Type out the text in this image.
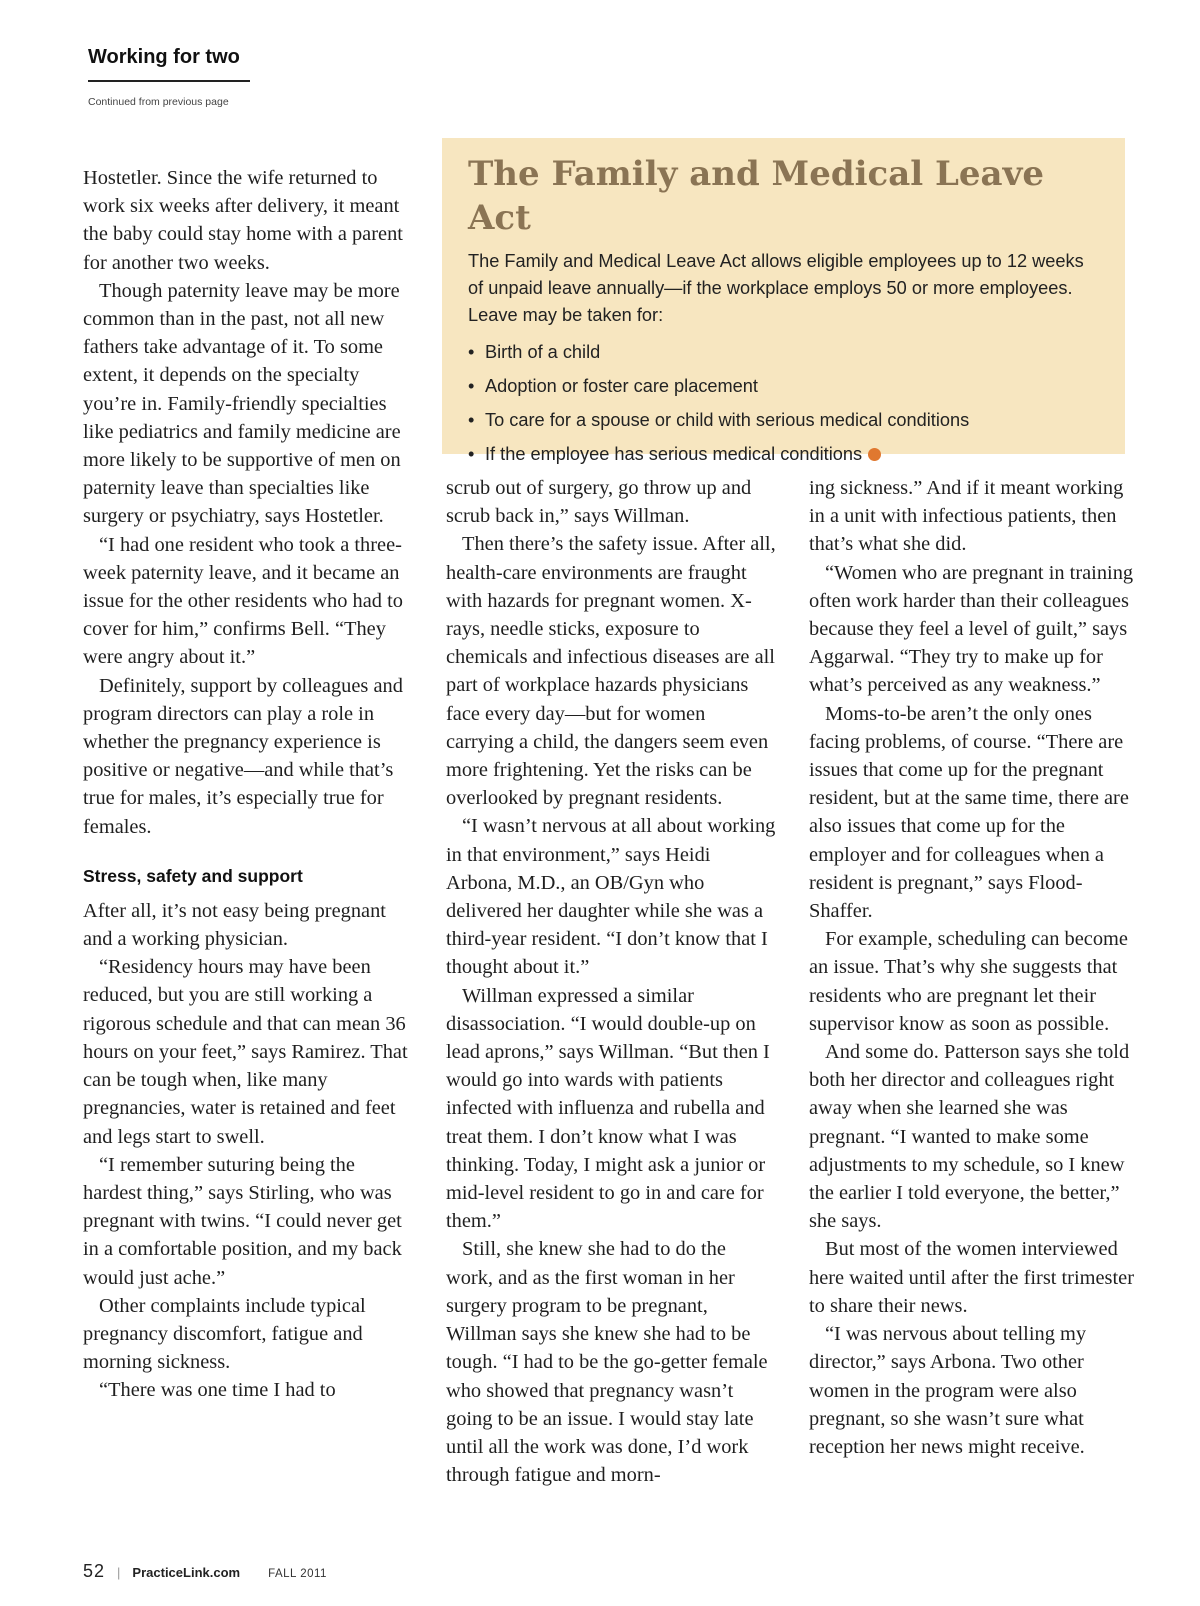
Working for two
Continued from previous page

Hostetler. Since the wife returned to work six weeks after delivery, it meant the baby could stay home with a parent for another two weeks.

Though paternity leave may be more common than in the past, not all new fathers take advantage of it. To some extent, it depends on the specialty you’re in. Family-friendly specialties like pediatrics and family medicine are more likely to be supportive of men on paternity leave than specialties like surgery or psychiatry, says Hostetler.

“I had one resident who took a three-week paternity leave, and it became an issue for the other residents who had to cover for him,” confirms Bell. “They were angry about it.”

Definitely, support by colleagues and program directors can play a role in whether the pregnancy experience is positive or negative—and while that’s true for males, it’s especially true for females.

Stress, safety and support

After all, it’s not easy being pregnant and a working physician.

“Residency hours may have been reduced, but you are still working a rigorous schedule and that can mean 36 hours on your feet,” says Ramirez. That can be tough when, like many pregnancies, water is retained and feet and legs start to swell.

“I remember suturing being the hardest thing,” says Stirling, who was pregnant with twins. “I could never get in a comfortable position, and my back would just ache.”

Other complaints include typical pregnancy discomfort, fatigue and morning sickness.

“There was one time I had to

The Family and Medical Leave Act

The Family and Medical Leave Act allows eligible employees up to 12 weeks of unpaid leave annually—if the workplace employs 50 or more employees. Leave may be taken for:

• Birth of a child
• Adoption or foster care placement
• To care for a spouse or child with serious medical conditions
• If the employee has serious medical conditions

scrub out of surgery, go throw up and scrub back in,” says Willman.

Then there’s the safety issue. After all, health-care environments are fraught with hazards for pregnant women. X-rays, needle sticks, exposure to chemicals and infectious diseases are all part of workplace hazards physicians face every day—but for women carrying a child, the dangers seem even more frightening. Yet the risks can be overlooked by pregnant residents.

“I wasn’t nervous at all about working in that environment,” says Heidi Arbona, M.D., an OB/Gyn who delivered her daughter while she was a third-year resident. “I don’t know that I thought about it.”

Willman expressed a similar disassociation. “I would double-up on lead aprons,” says Willman. “But then I would go into wards with patients infected with influenza and rubella and treat them. I don’t know what I was thinking. Today, I might ask a junior or mid-level resident to go in and care for them.”

Still, she knew she had to do the work, and as the first woman in her surgery program to be pregnant, Willman says she knew she had to be tough. “I had to be the go-getter female who showed that pregnancy wasn’t going to be an issue. I would stay late until all the work was done, I’d work through fatigue and morn-

ing sickness.” And if it meant working in a unit with infectious patients, then that’s what she did.

“Women who are pregnant in training often work harder than their colleagues because they feel a level of guilt,” says Aggarwal. “They try to make up for what’s perceived as any weakness.”

Moms-to-be aren’t the only ones facing problems, of course. “There are issues that come up for the pregnant resident, but at the same time, there are also issues that come up for the employer and for colleagues when a resident is pregnant,” says Flood-Shaffer.

For example, scheduling can become an issue. That’s why she suggests that residents who are pregnant let their supervisor know as soon as possible.

And some do. Patterson says she told both her director and colleagues right away when she learned she was pregnant. “I wanted to make some adjustments to my schedule, so I knew the earlier I told everyone, the better,” she says.

But most of the women interviewed here waited until after the first trimester to share their news.

“I was nervous about telling my director,” says Arbona. Two other women in the program were also pregnant, so she wasn’t sure what reception her news might receive.

52 | PracticeLink.com FALL 2011
